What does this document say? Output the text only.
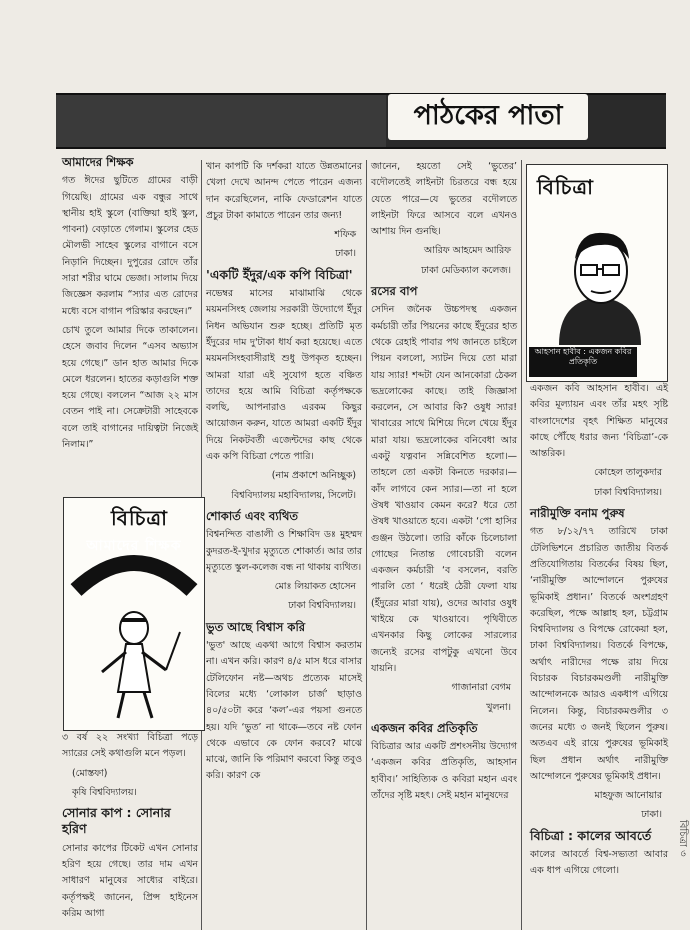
পাঠকের পাতা
আমাদের শিক্ষক

গত ঈদের ছুটিতে গ্রামের বাড়ী গিয়েছি। গ্রামের এক বন্ধুর সাথে স্থানীয় হাই স্কুলে (বাক্তিয়া হাই স্কুল, পাবনা) বেড়াতে গেলাম। স্কুলের হেড মৌলভী সাহেব স্কুলের বাগানে বসে নিড়ানি দিচ্ছেন। দুপুরের রোদে তাঁর সারা শরীর ঘামে ভেজা। সালাম দিয়ে জিজ্ঞেস করলাম “স্যার এত রোদের মধ্যে বসে বাগান পরিস্কার করছেন।”

চোখ তুলে আমার দিকে তাকালেন। হেসে জবাব দিলেন “এসব অভ্যাস হয়ে গেছে।” ডান হাত আমার দিকে মেলে ধরলেন। হাতের কড়াগুলি শক্ত হয়ে গেছে। বললেন “আজ ২২ মাস বেতন পাই না। সেক্রেটারী সাহেবকে বলে তাই বাগানের দায়িত্বটা নিজেই নিলাম।”

বিচিত্রা
আমাদের শিক্ষক

৩ বর্ষ ২২ সংখ্যা বিচিত্রা পড়ে স্যারের সেই কথাগুলি মনে পড়ল।

(মোস্তফা)
কৃষি বিশ্ববিদ্যালয়।
সোনার কাপ : সোনার হরিণ

সোনার কাপের টিকেট এখন সোনার হরিণ হয়ে গেছে। তার দাম এখন সাধারণ মানুষের সাধ্যের বাইরে। কর্তৃপক্ষই জানেন, প্রিন্স হাইনেস করিম আগা

খান কাপটি কি দর্শকরা যাতে উন্নতমানের খেলা দেখে আনন্দ পেতে পারেন এজন্য দান করেছিলেন, নাকি ফেডারেশন যাতে প্রচুর টাকা কামাতে পারেন তার জন্য!

শফিক
ঢাকা।
'একটি ইঁদুর/এক কপি বিচিত্রা'

নভেম্বর মাসের মাঝামাঝি থেকে ময়মনসিংহ জেলায় সরকারী উদ্যোগে ইঁদুর নিধন অভিযান শুরু হচ্ছে। প্রতিটি মৃত ইঁদুরের দাম দু'টাকা ধার্য করা হয়েছে। এতে ময়মনসিংহবাসীরাই শুধু উপকৃত হচ্ছেন। আমরা যারা এই সুযোগ হতে বঞ্চিত তাদের হয়ে আমি বিচিত্রা কর্তৃপক্ষকে বলছি, আপনারাও এরকম কিছুর আয়োজন করুন, যাতে আমরা একটি ইঁদুর দিয়ে নিকটবর্তী এজেন্টদের কাছ থেকে এক কপি বিচিত্রা পেতে পারি।

(নাম প্রকাশে অনিচ্ছুক)
বিশ্ববিদ্যালয় মহাবিদ্যালয়, সিলেট।
শোকার্ত এবং ব্যথিত

বিশ্বনন্দিত বাঙালী ও শিক্ষাবিদ ডঃ মুহম্মদ কুদরত-ই-খুদার মৃত্যুতে শোকার্ত। আর তার মৃত্যুতে স্কুল-কলেজ বন্ধ না থাকায় ব্যথিত।

মোঃ লিয়াকত হোসেন
ঢাকা বিশ্ববিদ্যালয়।
ভুত আছে বিশ্বাস করি

'ভুত' আছে একথা আগে বিশ্বাস করতাম না। এখন করি। কারণ ৪/৫ মাস ধরে বাসার টেলিফোন নষ্ট—অথচ প্রত্যেক মাসেই বিলের মধ্যে ‘লোকাল চার্জ’ ছাড়াও ৪০/৫০টা করে ‘কল’-এর পয়সা গুনতে হয়। যদি ‘ভুত’ না থাকে—তবে নষ্ট ফোন থেকে এভাবে কে ফোন করবে? মাঝে মাঝে, জানি কি পরিমাণ করবো কিন্তু তবুও করি। কারণ কে

জানেন, হয়তো সেই ‘ভুতের’ বদৌলতেই লাইনটা চিরতরে বন্ধ হয়ে যেতে পারে—যে ভুতের বদৌলতে লাইনটা ফিরে আসবে বলে এখনও আশায় দিন গুনছি।

আরিফ আহমেদ আরিফ
ঢাকা মেডিক্যাল কলেজ।
রসের বাপ

সেদিন জনৈক উচ্চপদস্থ একজন কর্মচারী তাঁর পিয়নের কাছে ইঁদুরের হাত থেকে রেহাই পাবার পথ জানতে চাইলে পিয়ন বললো, স্যাটন দিয়ে তো মারা যায় স্যার! শব্দটা যেন আনকোরা ঠেকল ভদ্রলোকের কাছে। তাই জিজ্ঞাসা করলেন, সে আবার কি? ওষুধ স্যার! খাবারের সাথে মিশিয়ে দিলে খেয়ে ইঁদুর মারা যায়। ভদ্রলোকের বনিবেধা আর একটু যত্নবান সন্নিবেশিত হলো।—তাহলে তো একটা কিনতে দরকার।—কাঁদ লাগবে কেন স্যার।—তা না হলে ঔষধ খাওয়াব কেমন করে? ধরে তো ঔষধ খাওয়াতে হবে। একটা ‘পো হাসির গুঞ্জন উঠলো। তারি কাঁকে চিলেচালা গোছের নিতান্ত গোবেচারী বলেন একজন কর্মচারী ‘ব বসলেন, বরতি পারলি তো ‘ ধরেই ঠেরী ফেলা যায় (ইঁদুরের মারা যায়), ওদের আবার ওষুধ খাইয়ে কে খাওয়াবে। পৃথিবীতে এখনকার কিছু লোকের সারল্যের জন্যেই রসের বাপটুকু এখনো উবে যায়নি।

গাজানারা বেগম
খুলনা।
একজন কবির প্রতিকৃতি

বিচিত্রার আর একটি প্রশংসনীয় উদ্যোগ ‘একজন কবির প্রতিকৃতি, আহসান হাবীব।’ সাহিত্যিক ও কবিরা মহান এবং তাঁদের সৃষ্টি মহৎ। সেই মহান মানুষদের

বিচিত্রা
আহসান হাবীব : একজন কবির প্রতিকৃতি

একজন কবি আহসান হাবীব। এই কবির মূল্যায়ন এবং তাঁর মহৎ সৃষ্টি বাংলাদেশের বৃহৎ শিক্ষিত মানুষের কাছে পৌঁছে ধরার জন্য ‘বিচিত্রা’-কে আন্তরিক।

কোহেল তালুকদার
ঢাকা বিশ্ববিদ্যালয়।
নারীমুক্তি বনাম পুরুষ

গত ৮/১২/৭৭ তারিখে ঢাকা টেলিভিশনে প্রচারিত জাতীয় বিতর্ক প্রতিযোগিতায় বিতর্কের বিষয় ছিল, ‘নারীমুক্তি আন্দোলনে পুরুষের ভূমিকাই প্রধান।’ বিতর্কে অংশগ্রহণ করেছিল, পক্ষে আল্লাহ হল, চট্টগ্রাম বিশ্ববিদ্যালয় ও বিপক্ষে রোকেয়া হল, ঢাকা বিশ্ববিদ্যালয়। বিতর্কে বিপক্ষে, অর্থাৎ নারীদের পক্ষে রায় দিয়ে বিচারক বিচারকমণ্ডলী নারীমুক্তি আন্দোলনকে আরও একধাপ এগিয়ে নিলেন। কিন্তু, বিচারকমণ্ডলীর ৩ জনের মধ্যে ৩ জনই ছিলেন পুরুষ। অতএব এই রায়ে পুরুষের ভূমিকাই ছিল প্রধান অর্থাৎ নারীমুক্তি আন্দোলনে পুরুষের ভূমিকাই প্রধান।

মাহফুজ আনোয়ার
ঢাকা।
বিচিত্রা : কালের আবর্তে

কালের আবর্তে বিশ্ব-সভ্যতা আবার এক ধাপ এগিয়ে গেলো।

বিচিত্রা ৩
